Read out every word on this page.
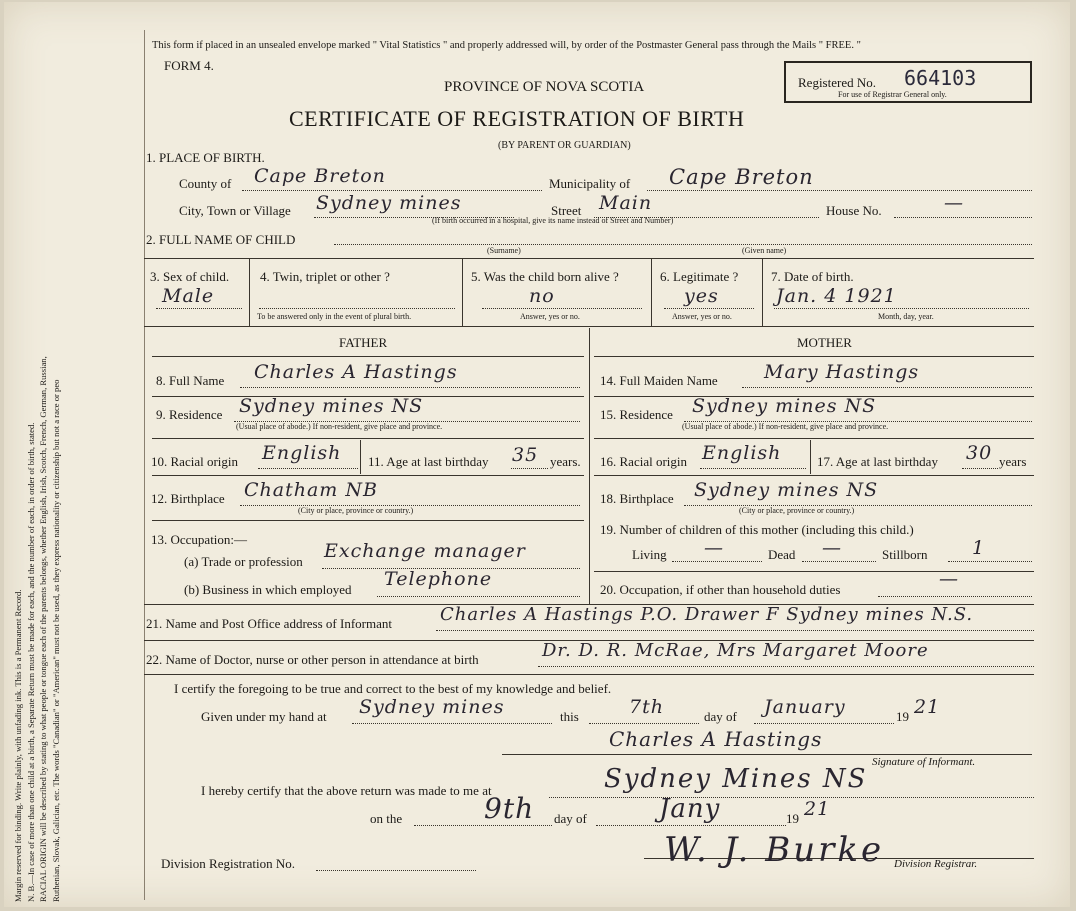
Margin reserved for binding. Write plainly, with unfading ink. This is a Permanent Record. N. B.—In case of more than one child at a birth, a Separate Return must be made for each, and the number of each, in order of birth, stated. RACIAL ORIGIN will be described by stating to what people or tongue each of the parents belongs, whether English, Irish, Scotch, French, German, Russian, Ruthenian, Slovak, Galician, etc. The words "Canadian" or "American" must not be used, as they express nationality or citizenship but not a race or peo
This form if placed in an unsealed envelope marked " Vital Statistics " and properly addressed will, by order of the Postmaster General pass through the Mails " FREE. "
FORM 4.
PROVINCE OF NOVA SCOTIA
CERTIFICATE OF REGISTRATION OF BIRTH
(BY PARENT OR GUARDIAN)
Registered No. 664103
For use of Registrar General only.
1. PLACE OF BIRTH.
County of Cape Breton	Municipality of Cape Breton
City, Town or Village Sydney mines	Street Main	House No.	—
(If birth occurred in a hospital, give its name instead of Street and Number)
2. FULL NAME OF CHILD
(Surname)	(Given name)
3. Sex of child.
Male
4. Twin, triplet or other ?
To be answered only in the event of plural birth.
5. Was the child born alive ?
no
Answer, yes or no.
6. Legitimate ?
yes
Answer, yes or no.
7. Date of birth.
Jan. 4 1921
Month, day, year.
FATHER	MOTHER
8. Full Name Charles A Hastings
9. Residence Sydney mines NS
(Usual place of abode.) If non-resident, give place and province.
10. Racial origin English 11. Age at last birthday 35 years.
12. Birthplace Chatham NB
(City or place, province or country.)
13. Occupation:—
(a) Trade or profession Exchange manager
(b) Business in which employed Telephone
14. Full Maiden Name Mary Hastings
15. Residence Sydney mines NS
(Usual place of abode.) If non-resident, give place and province.
16. Racial origin English	17. Age at last birthday 30 years
18. Birthplace Sydney mines NS
(City or place, province or country.)
19. Number of children of this mother (including this child.)
Living —	Dead —	Stillborn 1
20. Occupation, if other than household duties	—
21. Name and Post Office address of Informant	Charles A Hastings P.O. Drawer F Sydney mines N.S.
22. Name of Doctor, nurse or other person in attendance at birth	Dr. D. R. McRae, Mrs Margaret Moore
I certify the foregoing to be true and correct to the best of my knowledge and belief.
Given under my hand at Sydney mines	this	7th	day of January	19 21
Charles A Hastings
Signature of Informant.
I hereby certify that the above return was made to me at	Sydney Mines NS
on the	9th day of	Jany	19 21
Division Registration No.	W. J. Burke Division Registrar.
